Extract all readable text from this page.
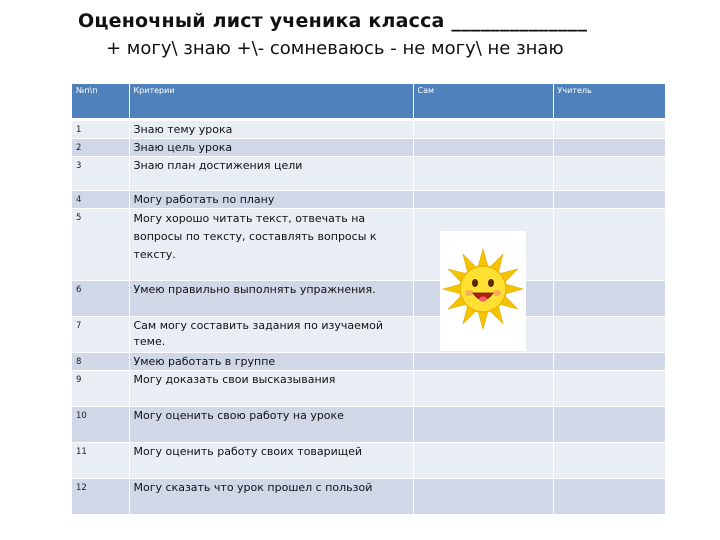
Оценочный лист ученика класса ______________
+ могу\ знаю +\- сомневаюсь - не могу\ не знаю
№п\п	Критерии	Сам	Учитель
1	Знаю тему урока		
2	Знаю цель урока		
3	Знаю план достижения цели		
4	Могу работать по плану		
5	Могу хорошо читать текст, отвечать на вопросы по тексту, составлять вопросы к тексту.		
6	Умею правильно выполнять упражнения.		
7	Сам могу составить задания по изучаемой теме.		
8	Умею работать в группе		
9	Могу доказать свои высказывания		
10	Могу оценить свою работу на уроке		
11	Могу оценить работу своих товарищей		
12	Могу сказать что урок прошел с пользой		
